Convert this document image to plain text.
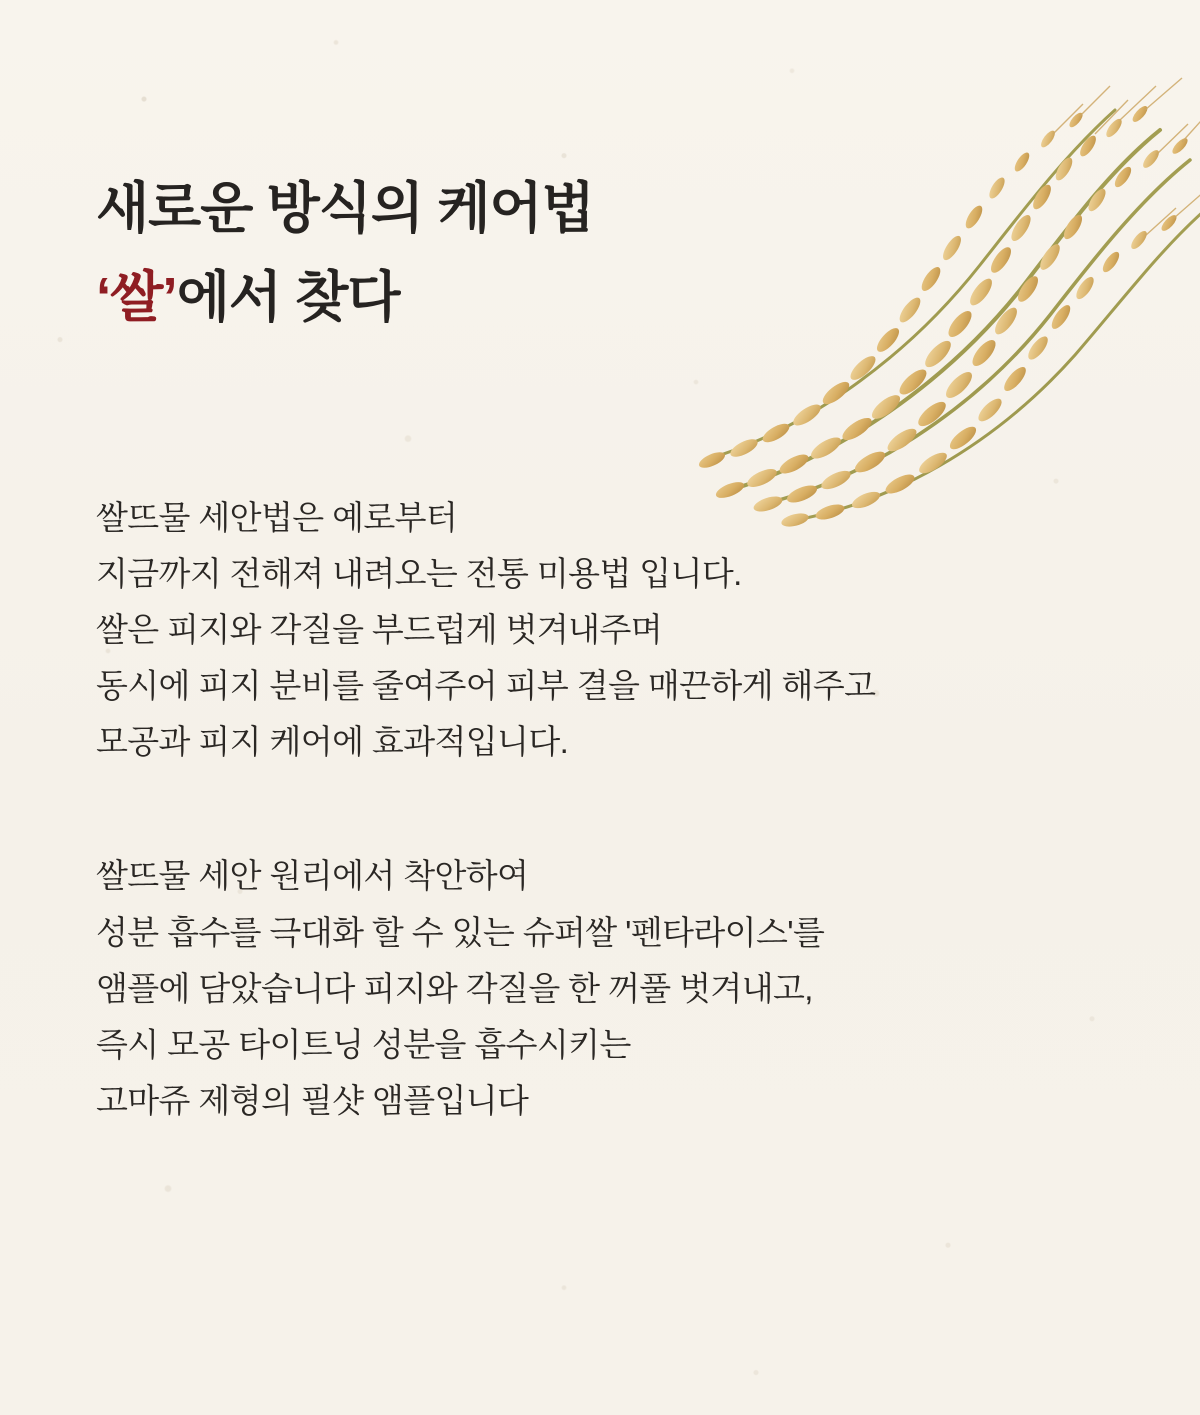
새로운 방식의 케어법
‘쌀’에서 찾다

쌀뜨물 세안법은 예로부터

지금까지 전해져 내려오는 전통 미용법 입니다.

쌀은 피지와 각질을 부드럽게 벗겨내주며

동시에 피지 분비를 줄여주어 피부 결을 매끈하게 해주고

모공과 피지 케어에 효과적입니다.

쌀뜨물 세안 원리에서 착안하여

성분 흡수를 극대화 할 수 있는 슈퍼쌀 '펜타라이스'를

앰플에 담았습니다 피지와 각질을 한 꺼풀 벗겨내고,

즉시 모공 타이트닝 성분을 흡수시키는

고마쥬 제형의 필샷 앰플입니다
